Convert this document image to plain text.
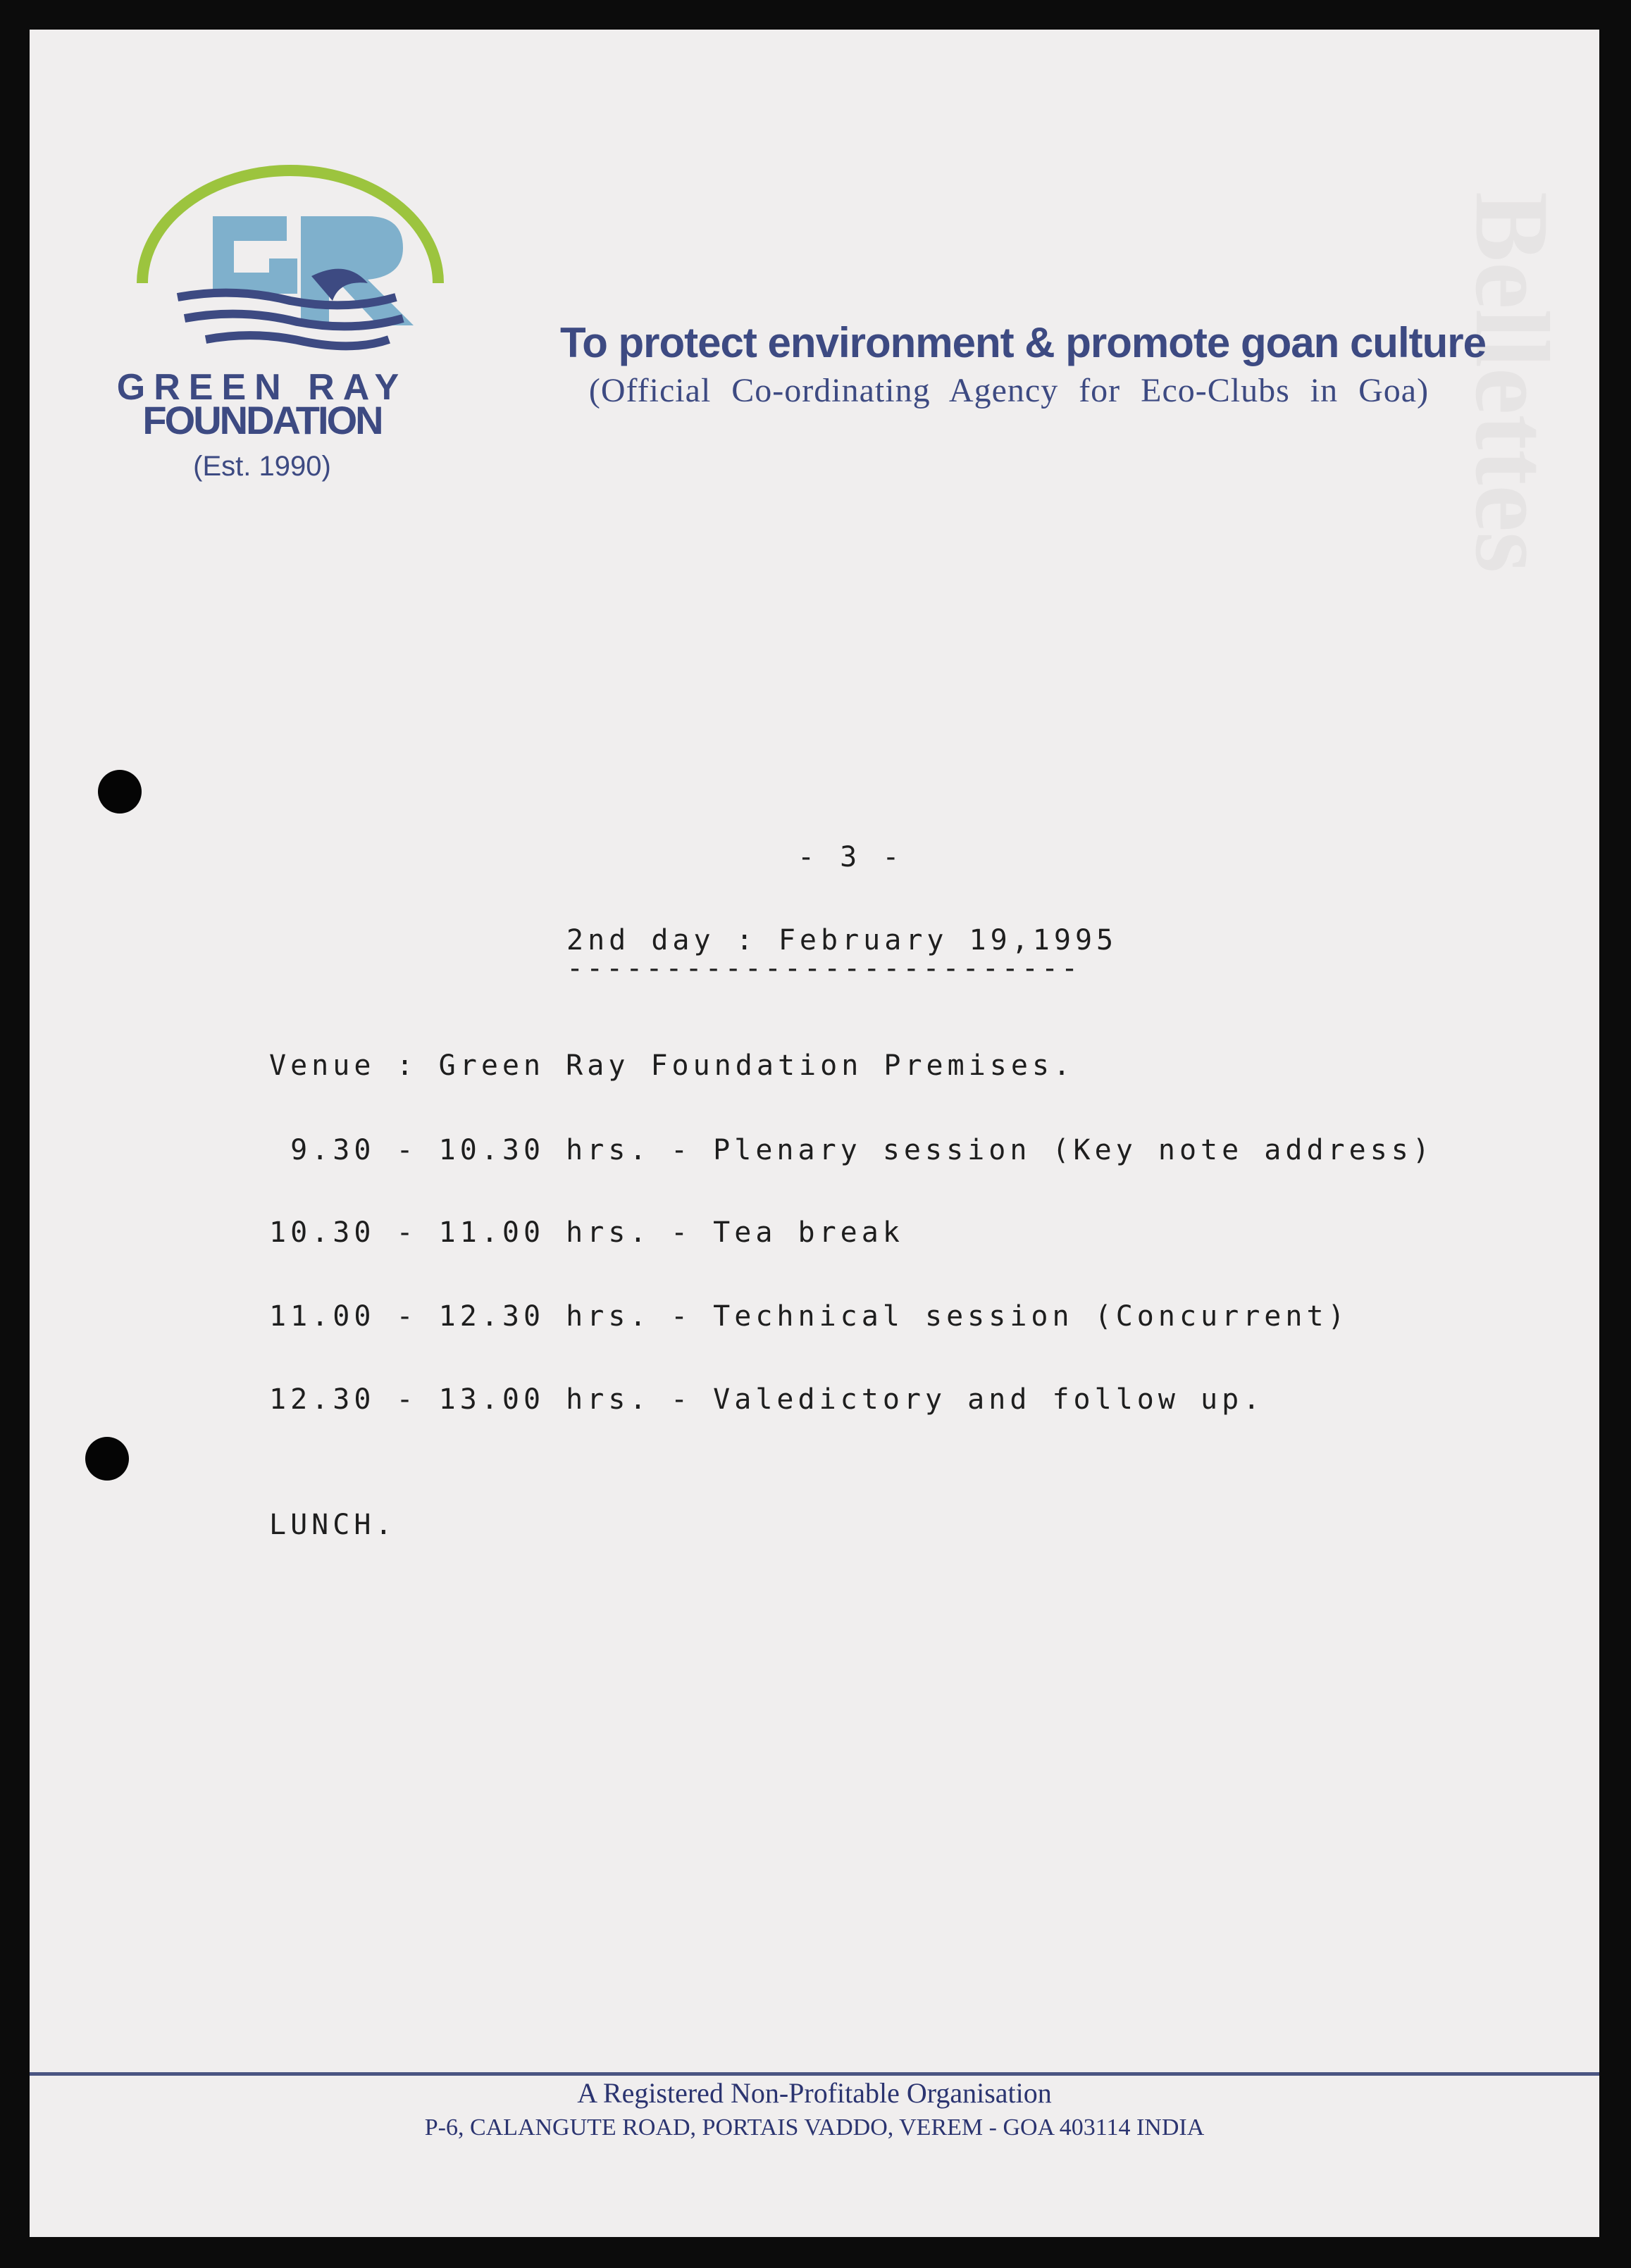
Bellettes
GREEN RAY
FOUNDATION
(Est. 1990)
To protect environment & promote goan culture
(Official Co-ordinating Agency for Eco-Clubs in Goa)
- 3 -
2nd day : February 19,1995
--------------------------
Venue : Green Ray Foundation Premises.
9.30 - 10.30 hrs. - Plenary session (Key note address)
10.30 - 11.00 hrs. - Tea break
11.00 - 12.30 hrs. - Technical session (Concurrent)
12.30 - 13.00 hrs. - Valedictory and follow up.
LUNCH.
A Registered Non-Profitable Organisation
P-6, CALANGUTE ROAD, PORTAIS VADDO, VEREM - GOA 403114 INDIA
